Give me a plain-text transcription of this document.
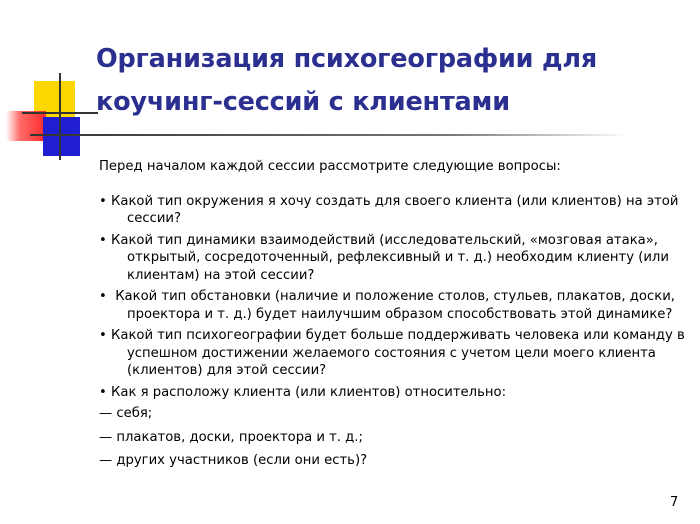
Организация психогеографии для
коучинг-сессий с клиентами
Перед началом каждой сессии рассмотрите следующие вопросы:
• Какой тип окружения я хочу создать для своего клиента (или клиентов) на этой сессии?
• Какой тип динамики взаимодействий (исследовательский, «мозговая атака», открытый, сосредоточенный, рефлексивный и т. д.) необходим клиенту (или клиентам) на этой сессии?
• Какой тип обстановки (наличие и положение столов, стульев, плакатов, доски, проектора и т. д.) будет наилучшим образом способствовать этой динамике?
• Какой тип психогеографии будет больше поддерживать человека или команду в успешном достижении желаемого состояния с учетом цели моего клиента (клиентов) для этой сессии?
• Как я расположу клиента (или клиентов) относительно:
— себя;
— плакатов, доски, проектора и т. д.;
— других участников (если они есть)?
7
